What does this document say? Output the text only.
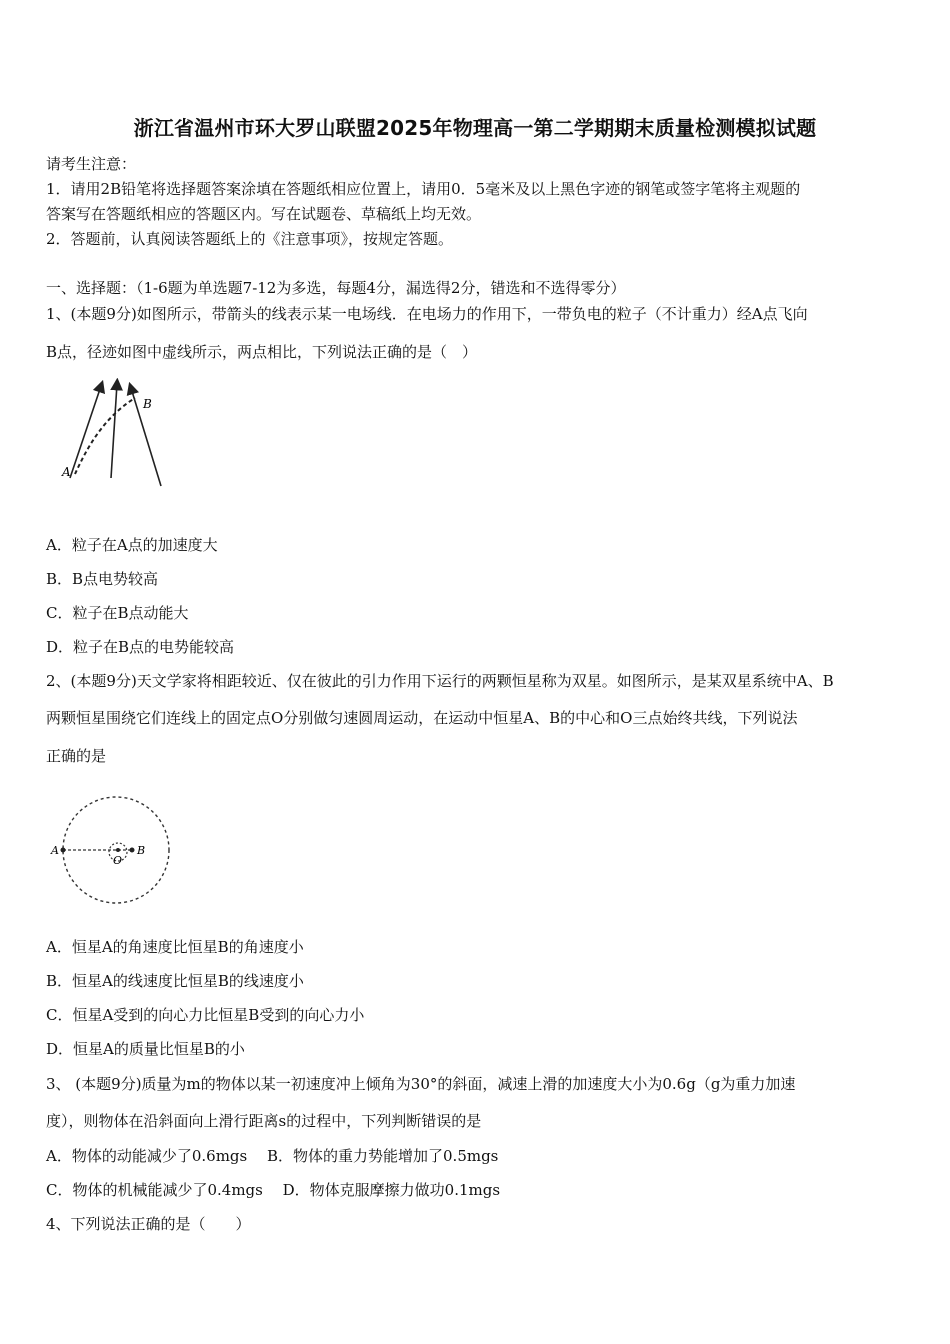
浙江省温州市环大罗山联盟2025年物理高一第二学期期末质量检测模拟试题
请考生注意：
1．请用2B铅笔将选择题答案涂填在答题纸相应位置上，请用0．5毫米及以上黑色字迹的钢笔或签字笔将主观题的
答案写在答题纸相应的答题区内。写在试题卷、草稿纸上均无效。
2．答题前，认真阅读答题纸上的《注意事项》，按规定答题。
一、选择题：（1-6题为单选题7-12为多选，每题4分，漏选得2分，错选和不选得零分）
1、(本题9分)如图所示，带箭头的线表示某一电场线．在电场力的作用下，一带负电的粒子（不计重力）经A点飞向
B点，径迹如图中虚线所示，两点相比，下列说法正确的是（　）
A
B
A．粒子在A点的加速度大
B．B点电势较高
C．粒子在B点动能大
D．粒子在B点的电势能较高
2、(本题9分)天文学家将相距较近、仅在彼此的引力作用下运行的两颗恒星称为双星。如图所示，是某双星系统中A、B
两颗恒星围绕它们连线上的固定点O分别做匀速圆周运动，在运动中恒星A、B的中心和O三点始终共线，下列说法
正确的是
A
O
B
A．恒星A的角速度比恒星B的角速度小
B．恒星A的线速度比恒星B的线速度小
C．恒星A受到的向心力比恒星B受到的向心力小
D．恒星A的质量比恒星B的小
3、 (本题9分)质量为m的物体以某一初速度冲上倾角为30°的斜面，减速上滑的加速度大小为0.6g（g为重力加速
度），则物体在沿斜面向上滑行距离s的过程中，下列判断错误的是
A．物体的动能减少了0.6mgs　 B．物体的重力势能增加了0.5mgs
C．物体的机械能减少了0.4mgs　 D．物体克服摩擦力做功0.1mgs
4、下列说法正确的是（　　）
